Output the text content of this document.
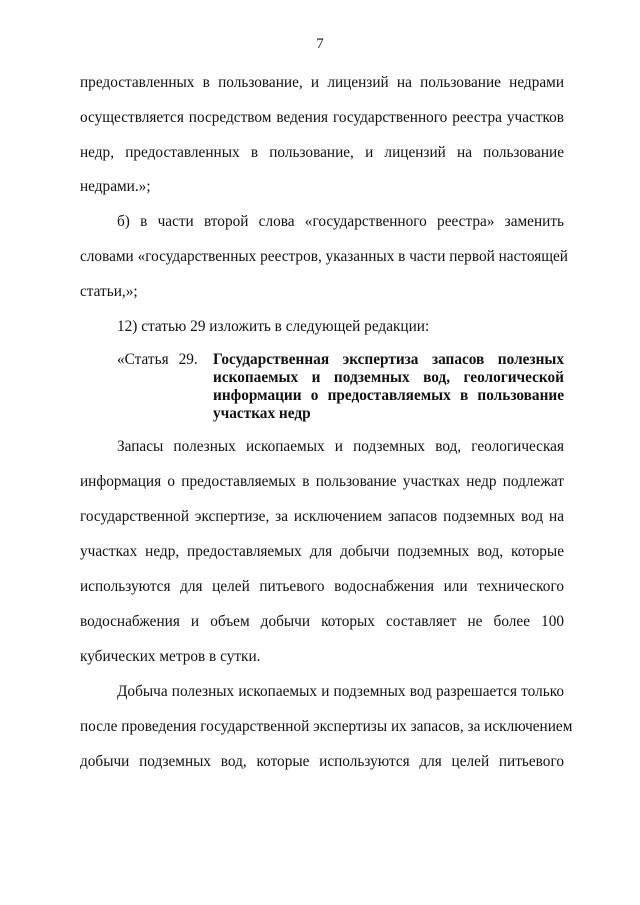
7
предоставленных в пользование, и лицензий на пользование недрами
осуществляется посредством ведения государственного реестра участков
недр, предоставленных в пользование, и лицензий на пользование
недрами.»;
б) в части второй слова «государственного реестра» заменить
словами «государственных реестров, указанных в части первой настоящей
статьи,»;
12) статью 29 изложить в следующей редакции:
«Статья 29. Государственная экспертиза запасов полезных
ископаемых и подземных вод, геологической
информации о предоставляемых в пользование
участках недр
Запасы полезных ископаемых и подземных вод, геологическая
информация о предоставляемых в пользование участках недр подлежат
государственной экспертизе, за исключением запасов подземных вод на
участках недр, предоставляемых для добычи подземных вод, которые
используются для целей питьевого водоснабжения или технического
водоснабжения и объем добычи которых составляет не более 100
кубических метров в сутки.
Добыча полезных ископаемых и подземных вод разрешается только
после проведения государственной экспертизы их запасов, за исключением
добычи подземных вод, которые используются для целей питьевого
